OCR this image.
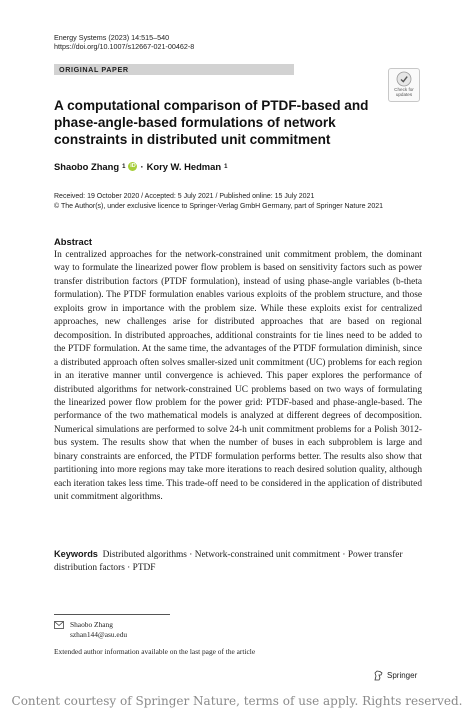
Energy Systems (2023) 14:515–540
https://doi.org/10.1007/s12667-021-00462-8
ORIGINAL PAPER
Check for
updates
A computational comparison of PTDF-based and phase-angle-based formulations of network constraints in distributed unit commitment
Shaobo Zhang 1 iD · Kory W. Hedman 1
Received: 19 October 2020 / Accepted: 5 July 2021 / Published online: 15 July 2021
© The Author(s), under exclusive licence to Springer-Verlag GmbH Germany, part of Springer Nature 2021
Abstract
In centralized approaches for the network-constrained unit commitment problem, the dominant way to formulate the linearized power flow problem is based on sensitivity factors such as power transfer distribution factors (PTDF formulation), instead of using phase-angle variables (b-theta formulation). The PTDF formulation enables various exploits of the problem structure, and those exploits grow in importance with the problem size. While these exploits exist for centralized approaches, new challenges arise for distributed approaches that are based on regional decomposition. In distributed approaches, additional constraints for tie lines need to be added to the PTDF formulation. At the same time, the advantages of the PTDF formulation diminish, since a distributed approach often solves smaller-sized unit commitment (UC) problems for each region in an iterative manner until convergence is achieved. This paper explores the performance of distributed algorithms for network-constrained UC problems based on two ways of formulating the linearized power flow problem for the power grid: PTDF-based and phase-angle-based. The performance of the two mathematical models is analyzed at different degrees of decomposition. Numerical simulations are performed to solve 24-h unit commitment problems for a Polish 3012-bus system. The results show that when the number of buses in each subproblem is large and binary constraints are enforced, the PTDF formulation performs better. The results also show that partitioning into more regions may take more iterations to reach desired solution quality, although each iteration takes less time. This trade-off need to be considered in the application of distributed unit commitment algorithms.
Keywords Distributed algorithms · Network-constrained unit commitment · Power transfer distribution factors · PTDF
Shaobo Zhang
szhan144@asu.edu
Extended author information available on the last page of the article
Springer
Content courtesy of Springer Nature, terms of use apply. Rights reserved.
